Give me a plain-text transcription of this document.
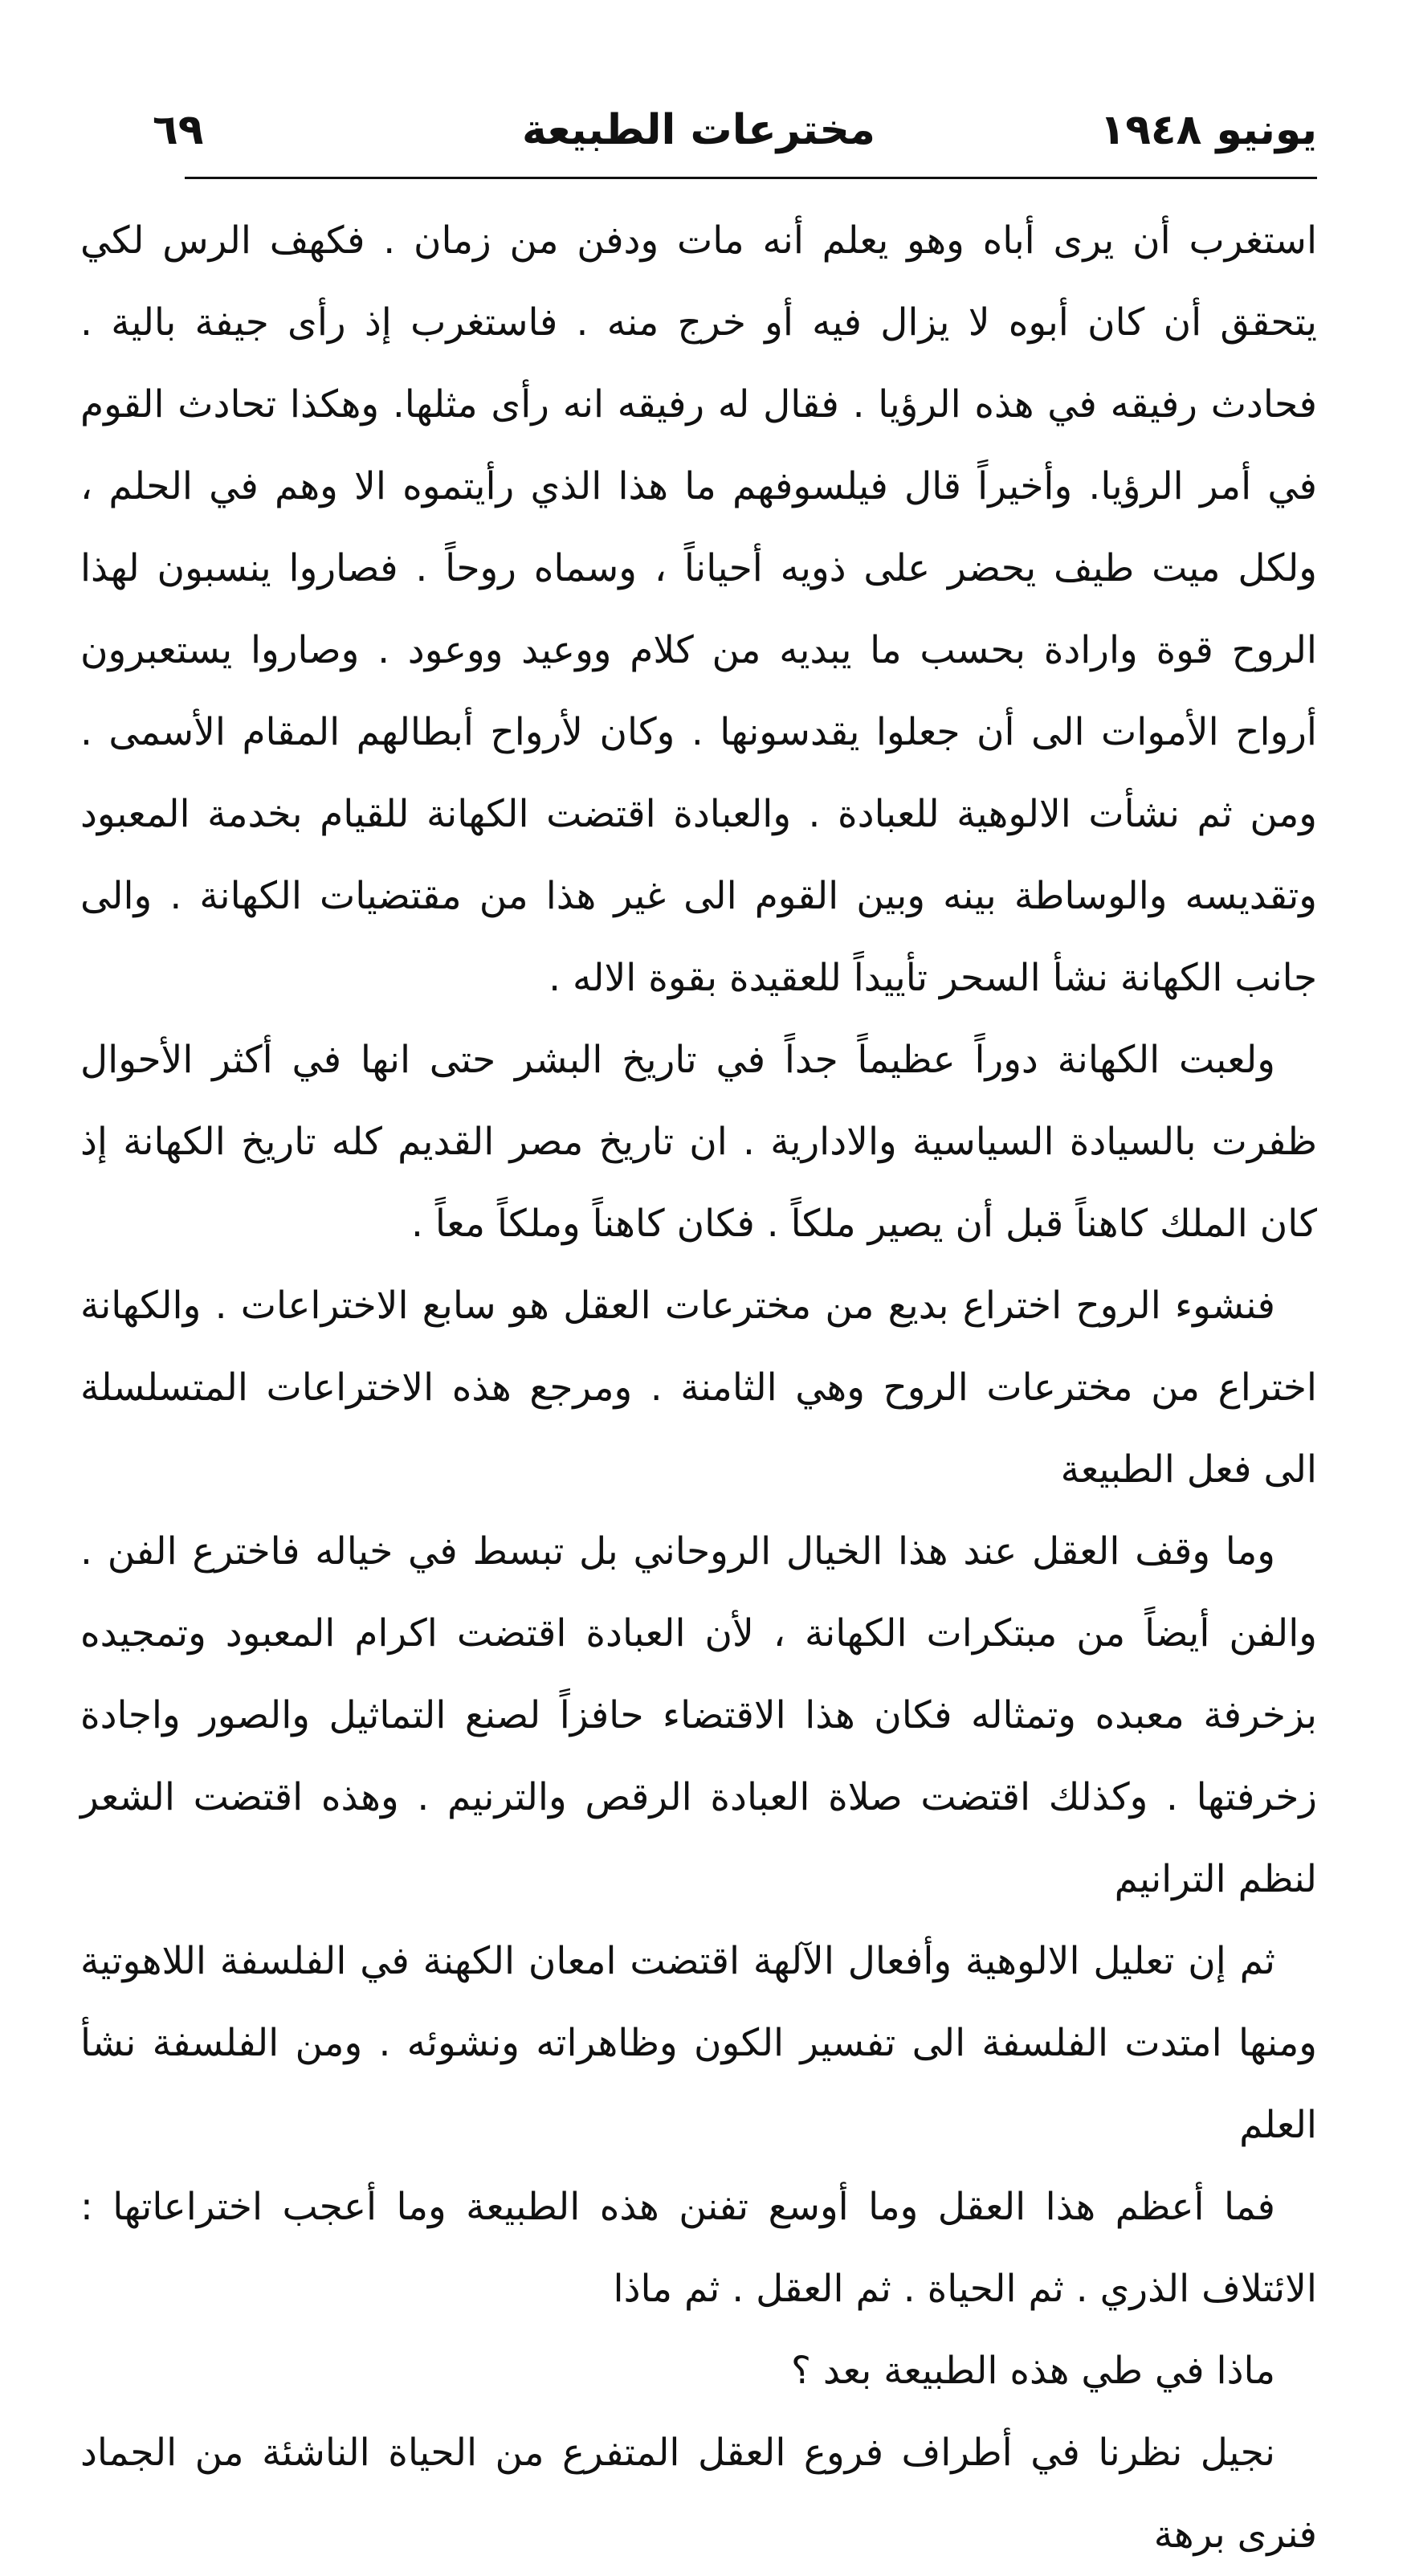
يونيو ١٩٤٨
مخترعات الطبيعة
٦٩

استغرب أن يرى أباه وهو يعلم أنه مات ودفن من زمان . فكهف الرس لكي يتحقق أن كان أبوه لا يزال فيه أو خرج منه . فاستغرب إذ رأى جيفة بالية . فحادث رفيقه في هذه الرؤيا . فقال له رفيقه انه رأى مثلها. وهكذا تحادث القوم في أمر الرؤيا. وأخيراً قال فيلسوفهم ما هذا الذي رأيتموه الا وهم في الحلم ، ولكل ميت طيف يحضر على ذويه أحياناً ، وسماه روحاً . فصاروا ينسبون لهذا الروح قوة وارادة بحسب ما يبديه من كلام ووعيد ووعود . وصاروا يستعبرون أرواح الأموات الى أن جعلوا يقدسونها . وكان لأرواح أبطالهم المقام الأسمى . ومن ثم نشأت الالوهية للعبادة . والعبادة اقتضت الكهانة للقيام بخدمة المعبود وتقديسه والوساطة بينه وبين القوم الى غير هذا من مقتضيات الكهانة . والى جانب الكهانة نشأ السحر تأييداً للعقيدة بقوة الاله .

ولعبت الكهانة دوراً عظيماً جداً في تاريخ البشر حتى انها في أكثر الأحوال ظفرت بالسيادة السياسية والادارية . ان تاريخ مصر القديم كله تاريخ الكهانة إذ كان الملك كاهناً قبل أن يصير ملكاً . فكان كاهناً وملكاً معاً .

فنشوء الروح اختراع بديع من مخترعات العقل هو سابع الاختراعات . والكهانة اختراع من مخترعات الروح وهي الثامنة . ومرجع هذه الاختراعات المتسلسلة الى فعل الطبيعة

وما وقف العقل عند هذا الخيال الروحاني بل تبسط في خياله فاخترع الفن . والفن أيضاً من مبتكرات الكهانة ، لأن العبادة اقتضت اكرام المعبود وتمجيده بزخرفة معبده وتمثاله فكان هذا الاقتضاء حافزاً لصنع التماثيل والصور واجادة زخرفتها . وكذلك اقتضت صلاة العبادة الرقص والترنيم . وهذه اقتضت الشعر لنظم الترانيم

ثم إن تعليل الالوهية وأفعال الآلهة اقتضت امعان الكهنة في الفلسفة اللاهوتية ومنها امتدت الفلسفة الى تفسير الكون وظاهراته ونشوئه . ومن الفلسفة نشأ العلم

فما أعظم هذا العقل وما أوسع تفنن هذه الطبيعة وما أعجب اختراعاتها : الائتلاف الذري . ثم الحياة . ثم العقل . ثم ماذا

ماذا في طي هذه الطبيعة بعد ؟

نجيل نظرنا في أطراف فروع العقل المتفرع من الحياة الناشئة من الجماد فنرى برهة
